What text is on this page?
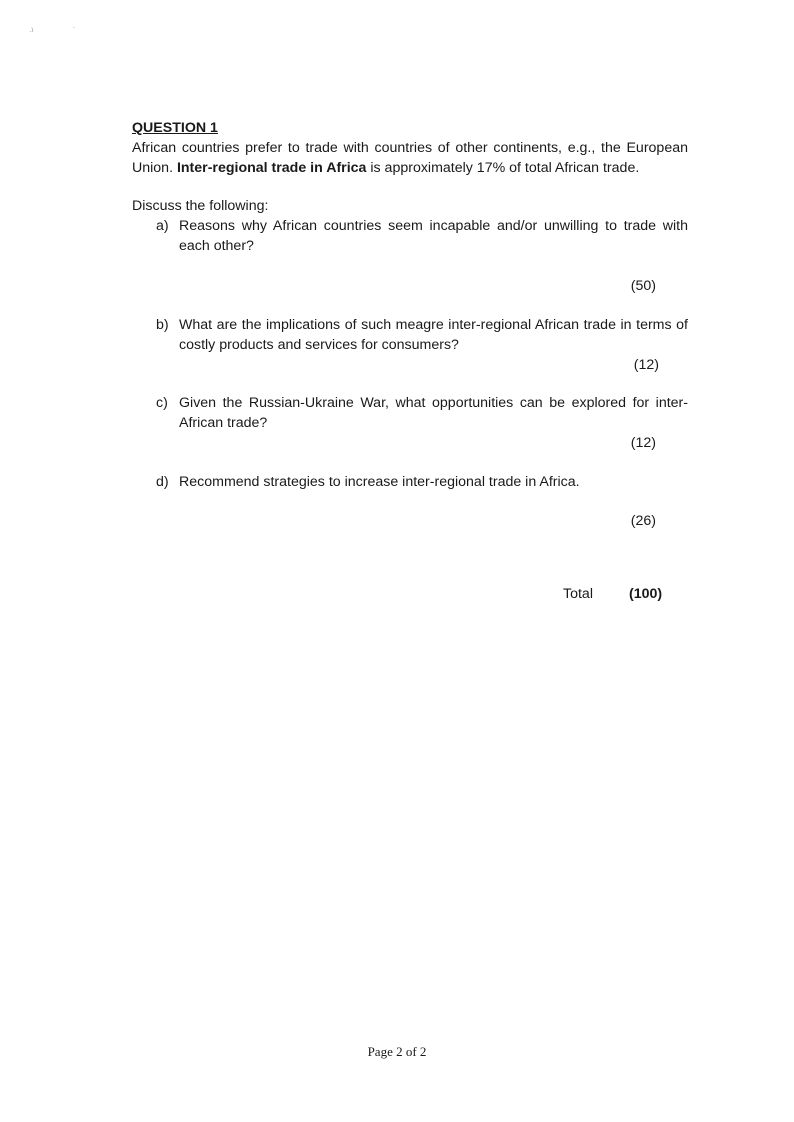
.\	`

QUESTION 1

African countries prefer to trade with countries of other continents, e.g., the European Union. Inter-regional trade in Africa is approximately 17% of total African trade.

Discuss the following:

a) Reasons why African countries seem incapable and/or unwilling to trade with each other?
(50)
b) What are the implications of such meagre inter-regional African trade in terms of costly products and services for consumers?
(12)
c) Given the Russian-Ukraine War, what opportunities can be explored for inter-African trade?
(12)
d) Recommend strategies to increase inter-regional trade in Africa.
(26)
Total	(100)
Page 2 of 2
